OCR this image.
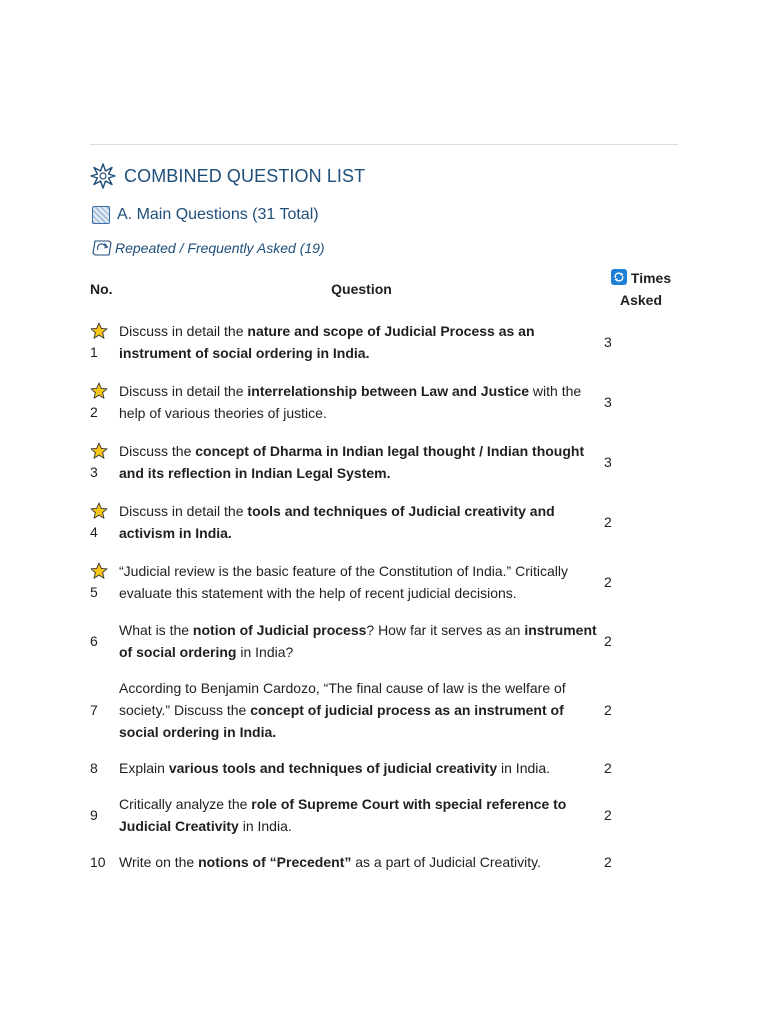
COMBINED QUESTION LIST
A. Main Questions (31 Total)
Repeated / Frequently Asked (19)
No.	Question	Times Asked

1	Discuss in detail the nature and scope of Judicial Process as an instrument of social ordering in India.	3

2	Discuss in detail the interrelationship between Law and Justice with the help of various theories of justice.	3

3	Discuss the concept of Dharma in Indian legal thought / Indian thought and its reflection in Indian Legal System.	3

4	Discuss in detail the tools and techniques of Judicial creativity and activism in India.	2

5	“Judicial review is the basic feature of the Constitution of India.” Critically evaluate this statement with the help of recent judicial decisions.	2
6	What is the notion of Judicial process? How far it serves as an instrument of social ordering in India?	2
7	According to Benjamin Cardozo, “The final cause of law is the welfare of society.” Discuss the concept of judicial process as an instrument of social ordering in India.	2
8	Explain various tools and techniques of judicial creativity in India.	2
9	Critically analyze the role of Supreme Court with special reference to Judicial Creativity in India.	2
10	Write on the notions of “Precedent” as a part of Judicial Creativity.	2
